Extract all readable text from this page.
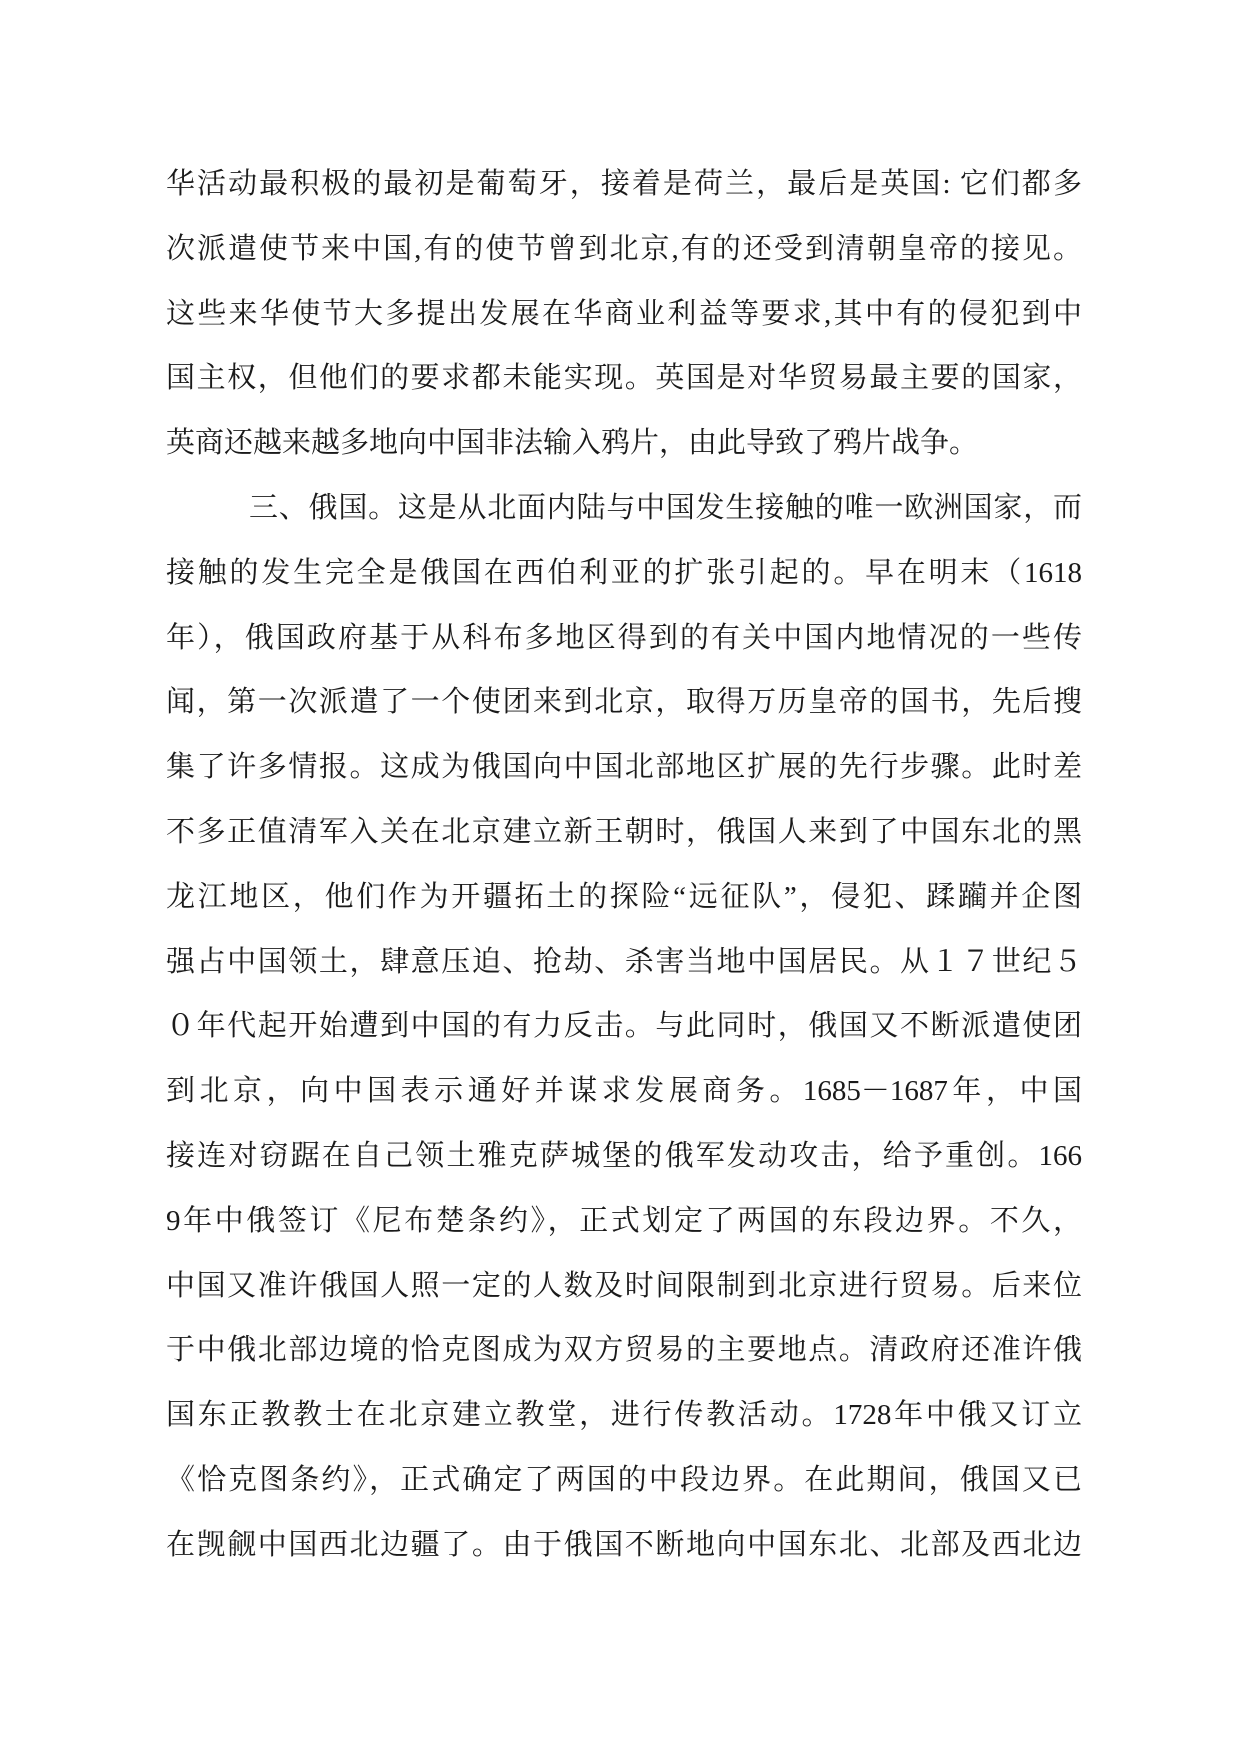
华活动最积极的最初是葡萄牙，接着是荷兰，最后是英国: 它们都多
次派遣使节来中国,有的使节曾到北京,有的还受到清朝皇帝的接见。
这些来华使节大多提出发展在华商业利益等要求,其中有的侵犯到中
国主权，但他们的要求都未能实现。英国是对华贸易最主要的国家，
英商还越来越多地向中国非法输入鸦片，由此导致了鸦片战争。
三、俄国。这是从北面内陆与中国发生接触的唯一欧洲国家，而
接触的发生完全是俄国在西伯利亚的扩张引起的。早在明末（1618
年），俄国政府基于从科布多地区得到的有关中国内地情况的一些传
闻，第一次派遣了一个使团来到北京，取得万历皇帝的国书，先后搜
集了许多情报。这成为俄国向中国北部地区扩展的先行步骤。此时差
不多正值清军入关在北京建立新王朝时，俄国人来到了中国东北的黑
龙江地区，他们作为开疆拓土的探险“远征队”，侵犯、蹂躏并企图
强占中国领土，肆意压迫、抢劫、杀害当地中国居民。从１７世纪５
０年代起开始遭到中国的有力反击。与此同时，俄国又不断派遣使团
到北京，向中国表示通好并谋求发展商务。1685－1687年，中国
接连对窃踞在自己领土雅克萨城堡的俄军发动攻击，给予重创。166
9年中俄签订《尼布楚条约》，正式划定了两国的东段边界。不久，
中国又准许俄国人照一定的人数及时间限制到北京进行贸易。后来位
于中俄北部边境的恰克图成为双方贸易的主要地点。清政府还准许俄
国东正教教士在北京建立教堂，进行传教活动。1728年中俄又订立
《恰克图条约》，正式确定了两国的中段边界。在此期间，俄国又已
在觊觎中国西北边疆了。由于俄国不断地向中国东北、北部及西北边
